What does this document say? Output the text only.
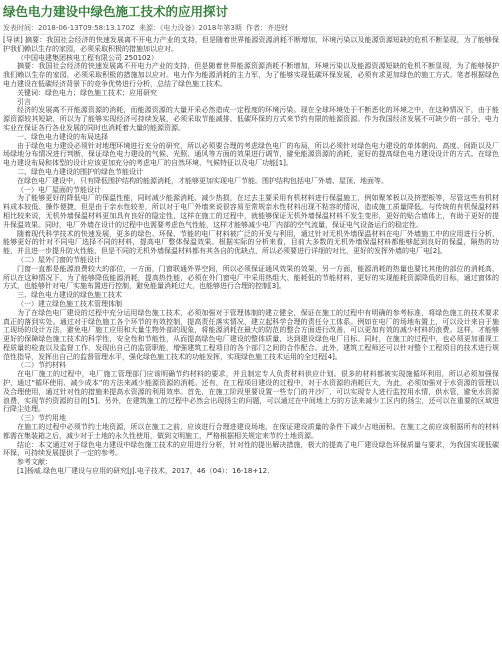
绿色电力建设中绿色施工技术的应用探讨
发表时间：2018-06-13T09:58:13.170Z 来源：《电力设备》2018年第3期 作者：齐进财

[导读] 摘要：我国社会经济的快速发展离不开电力产业的支持，但是随着世界能源资源消耗不断增加，环境污染以及能源资源短缺的危机不断显现，为了能够保护我们赖以生存的家园，必须采取积极的措施加以应对。

（中国电建集团核电工程有限公司 250102）

摘要：我国社会经济的快速发展离不开电力产业的支持，但是随着世界能源资源消耗不断增加，环境污染以及能源资源短缺的危机不断显现，为了能够保护我们赖以生存的家园，必须采取积极的措施加以应对。电力作为能源消耗的主力军，为了能够实现低碳环保发展，必须有求更加绿色的施工方式。笔者根据绿色电力建设在低碳经济背景下的竞争优势进行分析，总结了绿色施工技术。

关键词：绿色电力；绿色施工技术；应用研究

引言

经济的发展离不开能源资源的消耗，而能源资源的大量开采必然造成一定程度的环境污染。现在全球环境处于不断恶化的环境之中，在这种情况下，由于能源资源较其短缺，所以为了能够实现经济可持续发展，必须采取节能减排、低碳环保的方式来节约有限的能源资源。作为我国经济发展不可缺少的一部分，电力实业在保证各行各业发展的同时也消耗着大量的能源资源。

一、绿色电力建设的布局选择

由于绿色电力建设必须针对地理环境进行充分的研究，所以必须要合理的考虑绿色电厂的布局，所以必须针对绿色电力建设的单体朝向、高度、间距以及厂场绿地分布情况进行判断，保证绿色电力建设的气候、光照、通风等方面的效果进行调节，避免能源资源的消耗，更好的提高绿色电力建设设计的方式。在绿色电力建设布局和体型的设计应该更加充分的考虑电厂的自然环境、气候特征以及电厂功能[1]。

二、绿色电力建设的围护的绿色节能设计

在绿色电厂建设中，只有降低围护结构的能源消耗，才能够更加实现电厂节能。围护结构包括电厂外墙、屋顶、地面等。

（一）电厂屋面的节能设计

为了能够更好的降低电厂的保温性能，同时减少能源消耗、减少热损，在过去主要采用有机材料进行保温施工，例如聚苯板以及挤塑板等，尽管这些有机材料成本较低、操作便捷，但是由于亲水性较差，所以对于电厂外墙来说很容易至常规亲水性材料出现不粘容的情况，造成施工质量降低。与传统的有机保温材料相比较来说，无机外墙保温材料更加具有良好的隐定性，这样在施工的过程中，就能够保证无机外墙保温材料不发生变形，更好的贴合墙体上，有助于更好的提升保温效果。同时，电厂外墙在设计的过程中也需要考虑色气性能，这样才能够减少电厂内部的空气流量，保证电气设备运行的稳定性。

随着现代科学技术的快速发展，更多的绿色、环保、节能的电厂材料被广泛的开发与利用，通过针对无机外墙保温材料在电厂外墙施工中的应用进行分析，能够更好的针对不同电厂选择不同的材料，提高电厂整体保温效果。根据实际的分析来看，目前大多数的无机外墙保温材料都能够起到良好的保温，隔热的功能，并且进一步提升防火性能，但是不同的无机外墙保温材料都有其各自的优缺点，所以必须要进行详细的对比，更好的发挥外墙的电厂电[2]。

（二）屋外门窗的节能设计

门窗一直都是能源浪费较大的部位，一方面，门窗联通外界空间，所以必须保证通风效果的效果，另一方面，能源消耗的热量也要比其他的部位的消耗高，所以在这种情况下，为了能够降低能源消耗，提高热性能，必须在外门窗电厂中采用热组大、能耗低的节能材料，更好的实现能耗资源降低的目标，通过窗体的方式，也能够针对电厂实施布置进行控制，避免能量消耗过大，也能够进行合理的控制[3]。

三、绿色电力建设的绿色施工技术

（一）建立绿色施工技术管理体制

为了在绿色电厂建设的过程中充分运用绿色施工技术，必须加强对于管理体制的建立健全，保证在施工的过程中有明确的参考标准，将绿色施工的技术要求真正的落到实处。通过对于绿色施工各个环节的有效控制，提高责任落实情况，建立起科学合理的责任分工体系。例如在电厂的场地布置上，可以设计来自于施工现场的设计方法，避免电厂施工应用和大量生物外部的现象，将能源消耗在最大的防范的整合方面进行改善，可以更加有效的减少材料的浪费。这样，才能够更好的保障绿色施工技术的科学性，安全性和节能性，从而提高绿色电厂建设的整体质量，达到建设绿色电厂目标。同时，在施工的过程中，也必须更加重视工程质量的检查以及监督工作，发现出自己的监管职能，增强建筑工程项目的各个部门之间的合作配合。此外，建筑工程师还可以针对整个工程项目的技术进行规范性指导，发挥出自己的监督管理水平，强化绿色施工技术的功能发挥，实现绿色施工技术运用的全过程[4]。

（二）节约材料

在电厂施工的过程中，电厂施工管理部门应该明确节约材料的要求，并且制定专人负责材料供应计划。很多的材料都被实现施循环利用，所以必须加强保护，通过“循环使用、减少成本”的方法来减少能源资源的消耗。还有，在工程项目建设的过程中，对于水资源的消耗巨大，为此，必须加强对于水资源的管理以及合理使用，通过针对性的措施来提高水资源的利用效率。首先，在施工阶段里要设置一些专门的井沙厂，可以实现专人进行监控用水情，供水管，避免水资源浪费，实现节约资源的目的[5]。另外，在建筑施工的过程中必然会出现扬尘的问题，可以通过在中间地上方的方法来减少工区内的扬尘，还可以在重要的区域进行降尘处理。

（三）节约用地

在施工的过程中必须节约土地资源，所以在施工之前，应该进行合理进建设场地，在保证建设质量的条件下减少占地面积。在施工之前应该根据所有的材料都需在集装箱之后，减少对于土地的永久性使用，做到文明施工，严格根据相关规定来节约土地资源。

结论：本文通过对于绿色电力建设中绿色施工技术的应用进行分析，针对性的提出解决措施，极大的提高了电厂建设绿色环保质量与要求，为我国实现低碳环保、可持续发展提供了一定的参考。

参考文献：

[1]杨威.绿色电厂建设与应用的研究[J].电子技术，2017，46（04）：16-18+12.
